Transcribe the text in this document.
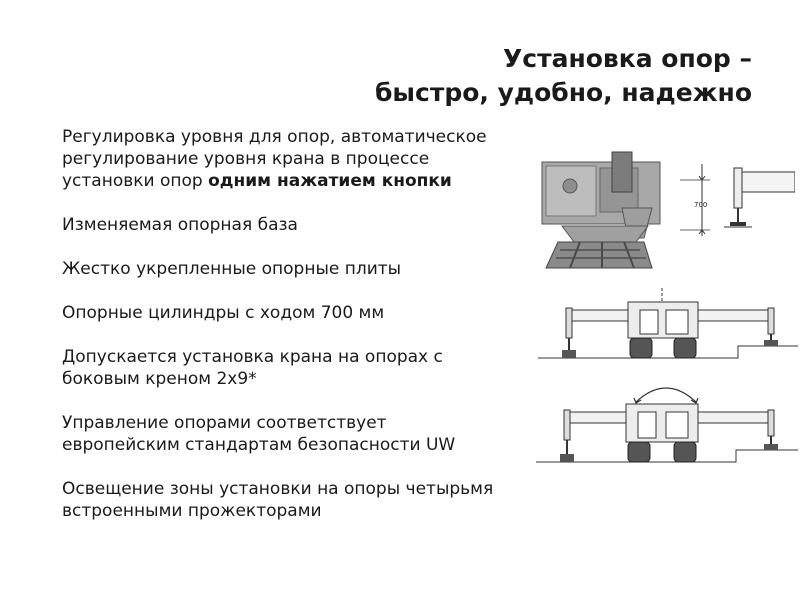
Установка опор –
быстро, удобно, надежно
Регулировка уровня для опор, автоматическое
регулирование уровня крана в процессе
установки опор одним нажатием кнопки
Изменяемая опорная база
Жестко укрепленные опорные плиты
Опорные цилиндры с ходом 700 мм
Допускается установка крана на опорах с
боковым креном 2x9*
Управление опорами соответствует
европейским стандартам безопасности UW
Освещение зоны установки на опоры четырьмя
встроенными прожекторами
700
